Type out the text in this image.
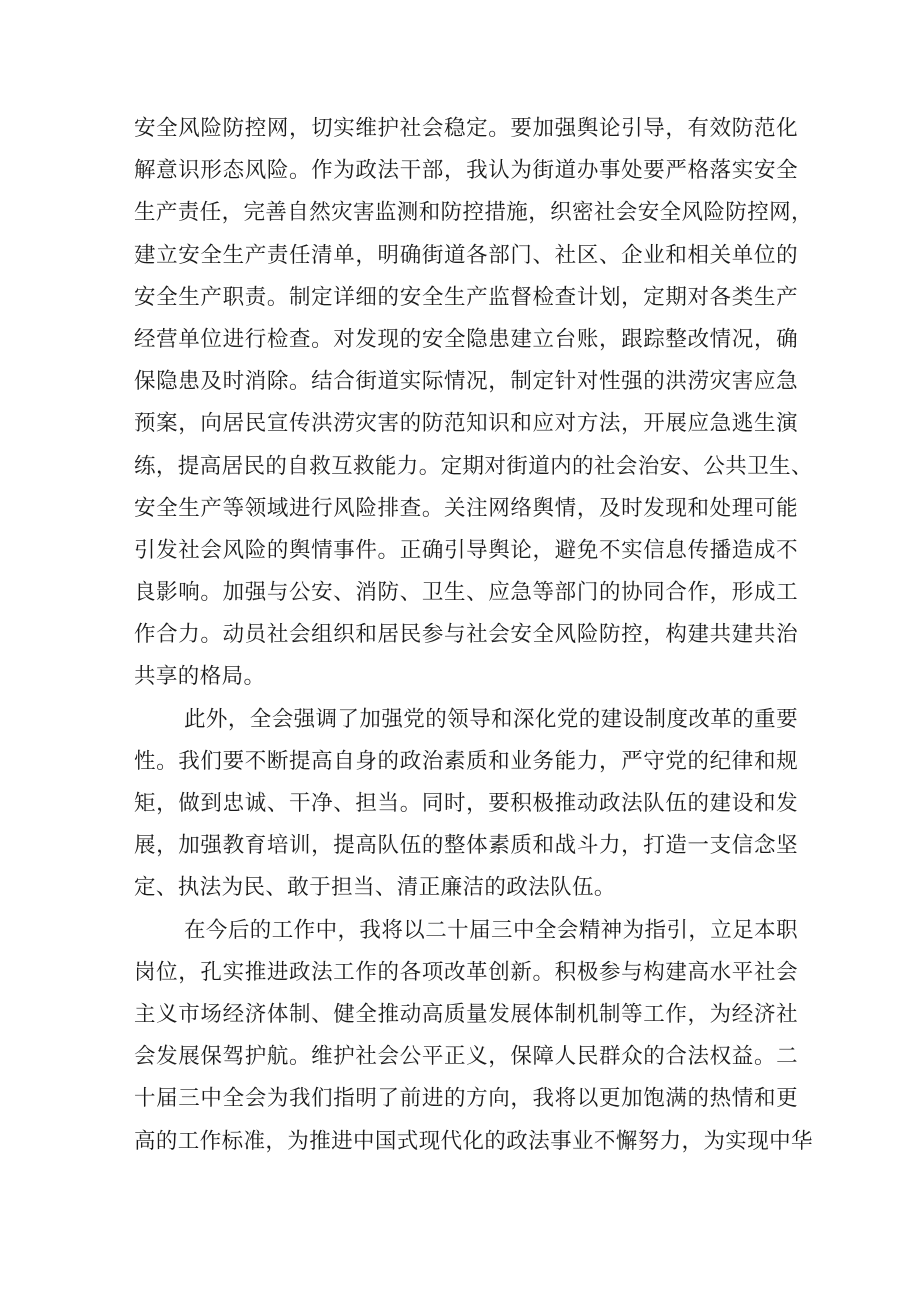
安全风险防控网，切实维护社会稳定。要加强舆论引导，有效防范化
解意识形态风险。作为政法干部，我认为街道办事处要严格落实安全
生产责任，完善自然灾害监测和防控措施，织密社会安全风险防控网，
建立安全生产责任清单，明确街道各部门、社区、企业和相关单位的
安全生产职责。制定详细的安全生产监督检查计划，定期对各类生产
经营单位进行检查。对发现的安全隐患建立台账，跟踪整改情况，确
保隐患及时消除。结合街道实际情况，制定针对性强的洪涝灾害应急
预案，向居民宣传洪涝灾害的防范知识和应对方法，开展应急逃生演
练，提高居民的自救互救能力。定期对街道内的社会治安、公共卫生、
安全生产等领域进行风险排查。关注网络舆情，及时发现和处理可能
引发社会风险的舆情事件。正确引导舆论，避免不实信息传播造成不
良影响。加强与公安、消防、卫生、应急等部门的协同合作，形成工
作合力。动员社会组织和居民参与社会安全风险防控，构建共建共治
共享的格局。
此外，全会强调了加强党的领导和深化党的建设制度改革的重要
性。我们要不断提高自身的政治素质和业务能力，严守党的纪律和规
矩，做到忠诚、干净、担当。同时，要积极推动政法队伍的建设和发
展，加强教育培训，提高队伍的整体素质和战斗力，打造一支信念坚
定、执法为民、敢于担当、清正廉洁的政法队伍。
在今后的工作中，我将以二十届三中全会精神为指引，立足本职
岗位，孔实推进政法工作的各项改革创新。积极参与构建高水平社会
主义市场经济体制、健全推动高质量发展体制机制等工作，为经济社
会发展保驾护航。维护社会公平正义，保障人民群众的合法权益。二
十届三中全会为我们指明了前进的方向，我将以更加饱满的热情和更
高的工作标准，为推进中国式现代化的政法事业不懈努力，为实现中华
